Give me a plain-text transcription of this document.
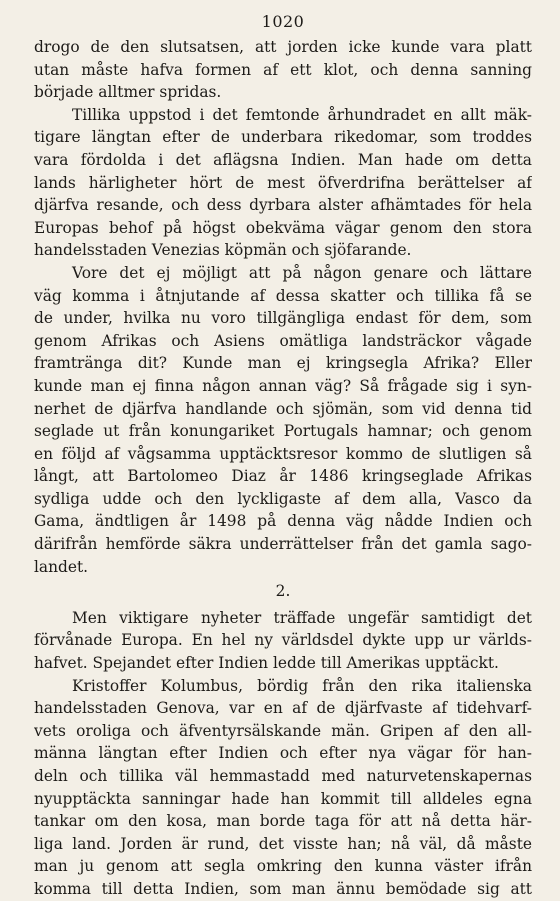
1020
drogo de den slutsatsen, att jorden icke kunde vara platt
utan måste hafva formen af ett klot, och denna sanning
började alltmer spridas.
Tillika uppstod i det femtonde århundradet en allt mäk-
tigare längtan efter de underbara rikedomar, som troddes
vara fördolda i det aflägsna Indien. Man hade om detta
lands härligheter hört de mest öfverdrifna berättelser af
djärfva resande, och dess dyrbara alster afhämtades för hela
Europas behof på högst obekväma vägar genom den stora
handelsstaden Venezias köpmän och sjöfarande.
Vore det ej möjligt att på någon genare och lättare
väg komma i åtnjutande af dessa skatter och tillika få se
de under, hvilka nu voro tillgängliga endast för dem, som
genom Afrikas och Asiens omätliga landsträckor vågade
framtränga dit? Kunde man ej kringsegla Afrika? Eller
kunde man ej finna någon annan väg? Så frågade sig i syn-
nerhet de djärfva handlande och sjömän, som vid denna tid
seglade ut från konungariket Portugals hamnar; och genom
en följd af vågsamma upptäcktsresor kommo de slutligen så
långt, att Bartolomeo Diaz år 1486 kringseglade Afrikas
sydliga udde och den lyckligaste af dem alla, Vasco da
Gama, ändtligen år 1498 på denna väg nådde Indien och
därifrån hemförde säkra underrättelser från det gamla sago-
landet.
2.
Men viktigare nyheter träffade ungefär samtidigt det
förvånade Europa. En hel ny världsdel dykte upp ur världs-
hafvet. Spejandet efter Indien ledde till Amerikas upptäckt.
Kristoffer Kolumbus, bördig från den rika italienska
handelsstaden Genova, var en af de djärfvaste af tidehvarf-
vets oroliga och äfventyrsälskande män. Gripen af den all-
männa längtan efter Indien och efter nya vägar för han-
deln och tillika väl hemmastadd med naturvetenskapernas
nyupptäckta sanningar hade han kommit till alldeles egna
tankar om den kosa, man borde taga för att nå detta här-
liga land. Jorden är rund, det visste han; nå väl, då måste
man ju genom att segla omkring den kunna väster ifrån
komma till detta Indien, som man ännu bemödade sig att
